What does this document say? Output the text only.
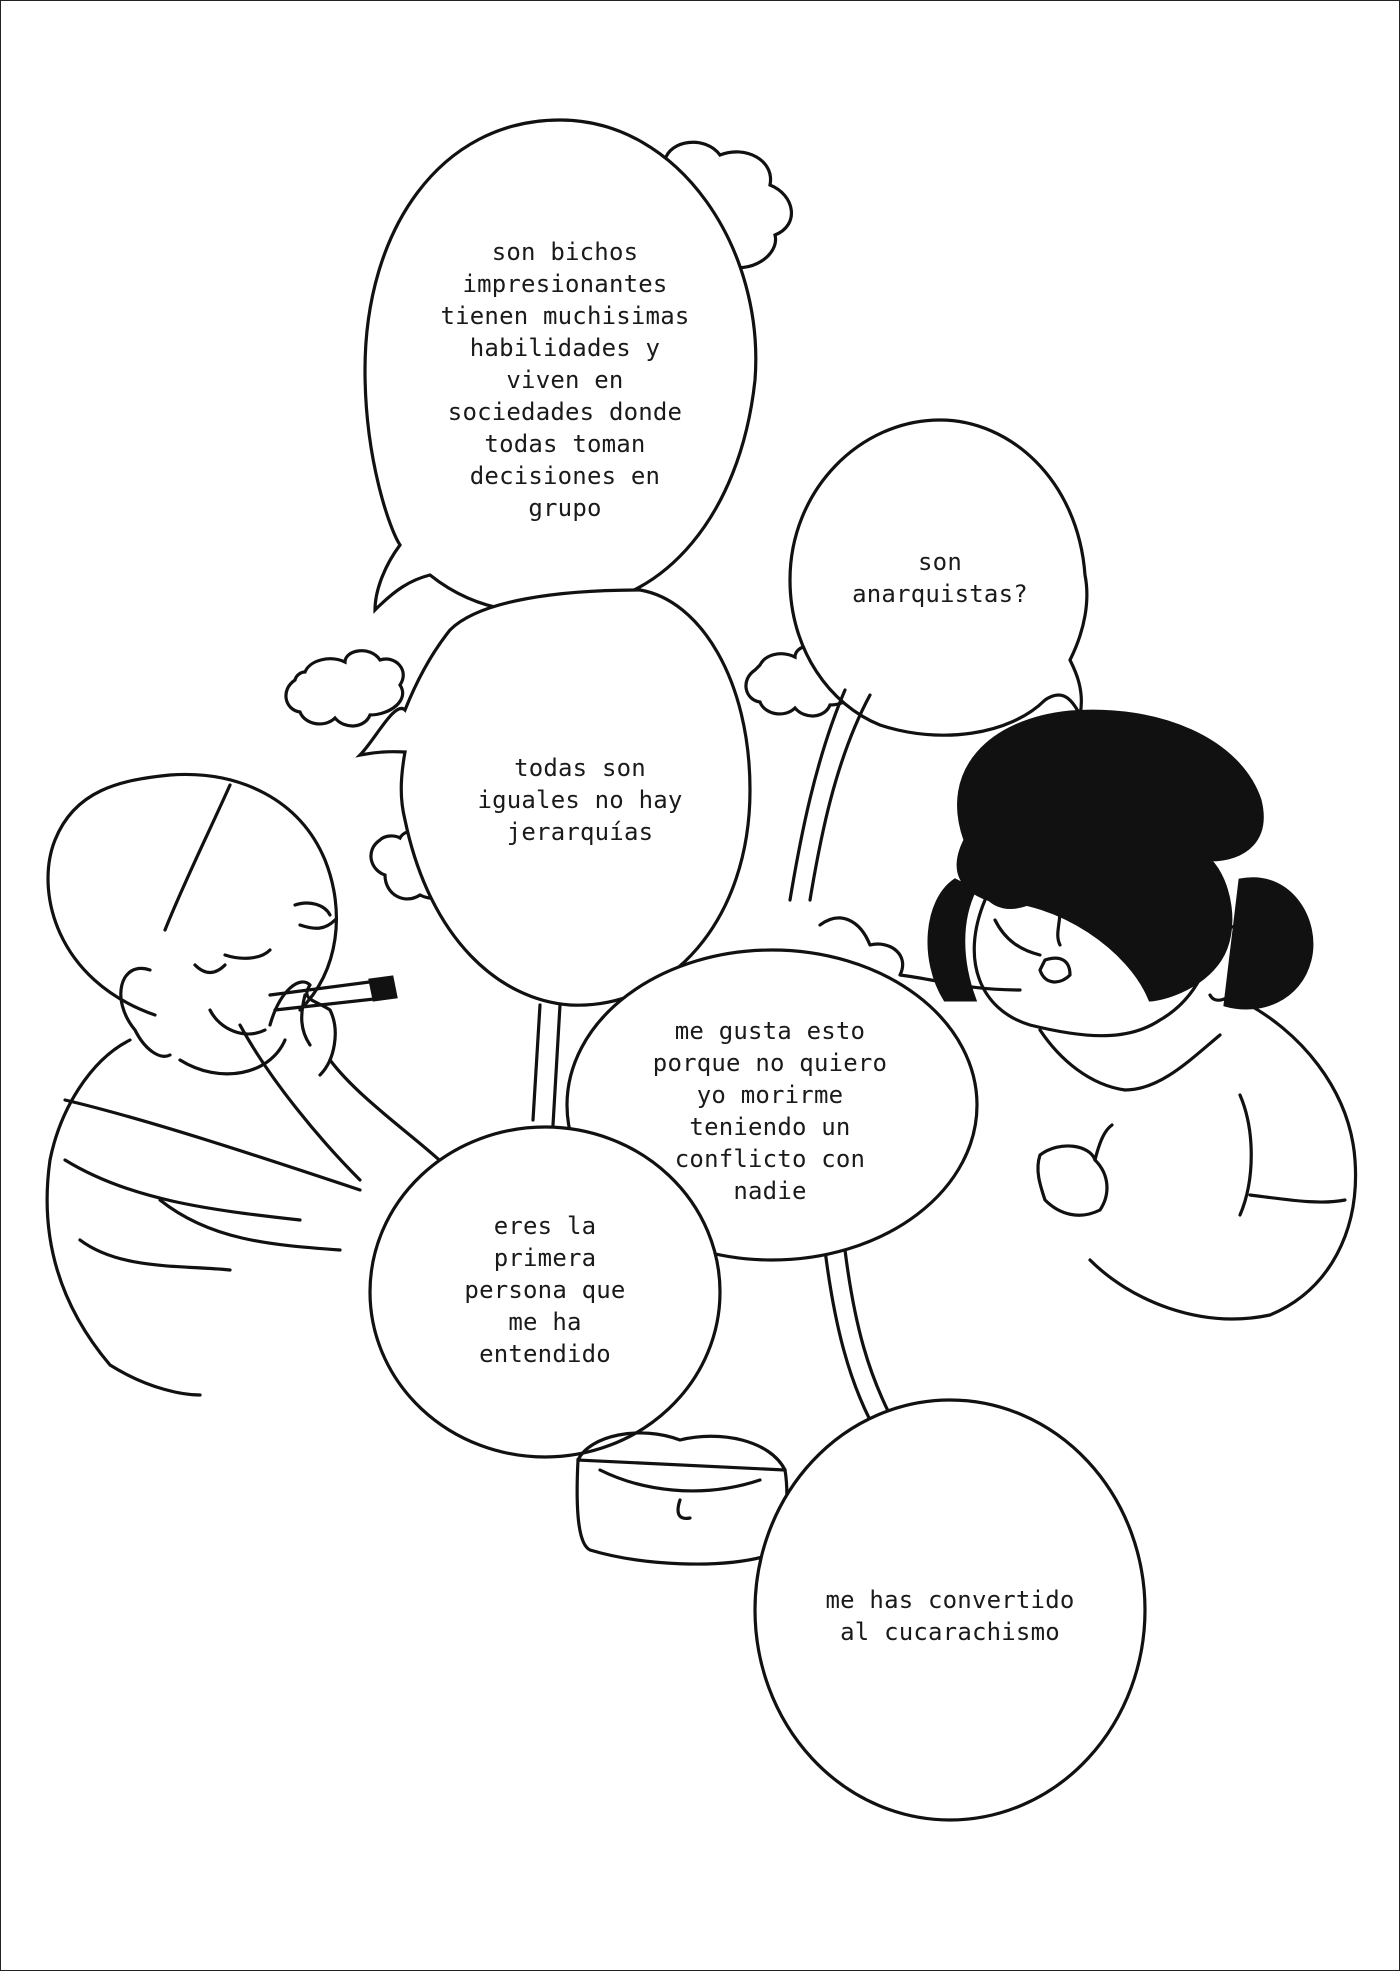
son bichos
impresionantes
tienen muchisimas
habilidades y
viven en
sociedades donde
todas toman
decisiones en
grupo
son
anarquistas?
todas son
iguales no hay
jerarquías
me gusta esto
porque no quiero
yo morirme
teniendo un
conflicto con
nadie
eres la
primera
persona que
me ha
entendido
me has convertido
al cucarachismo
